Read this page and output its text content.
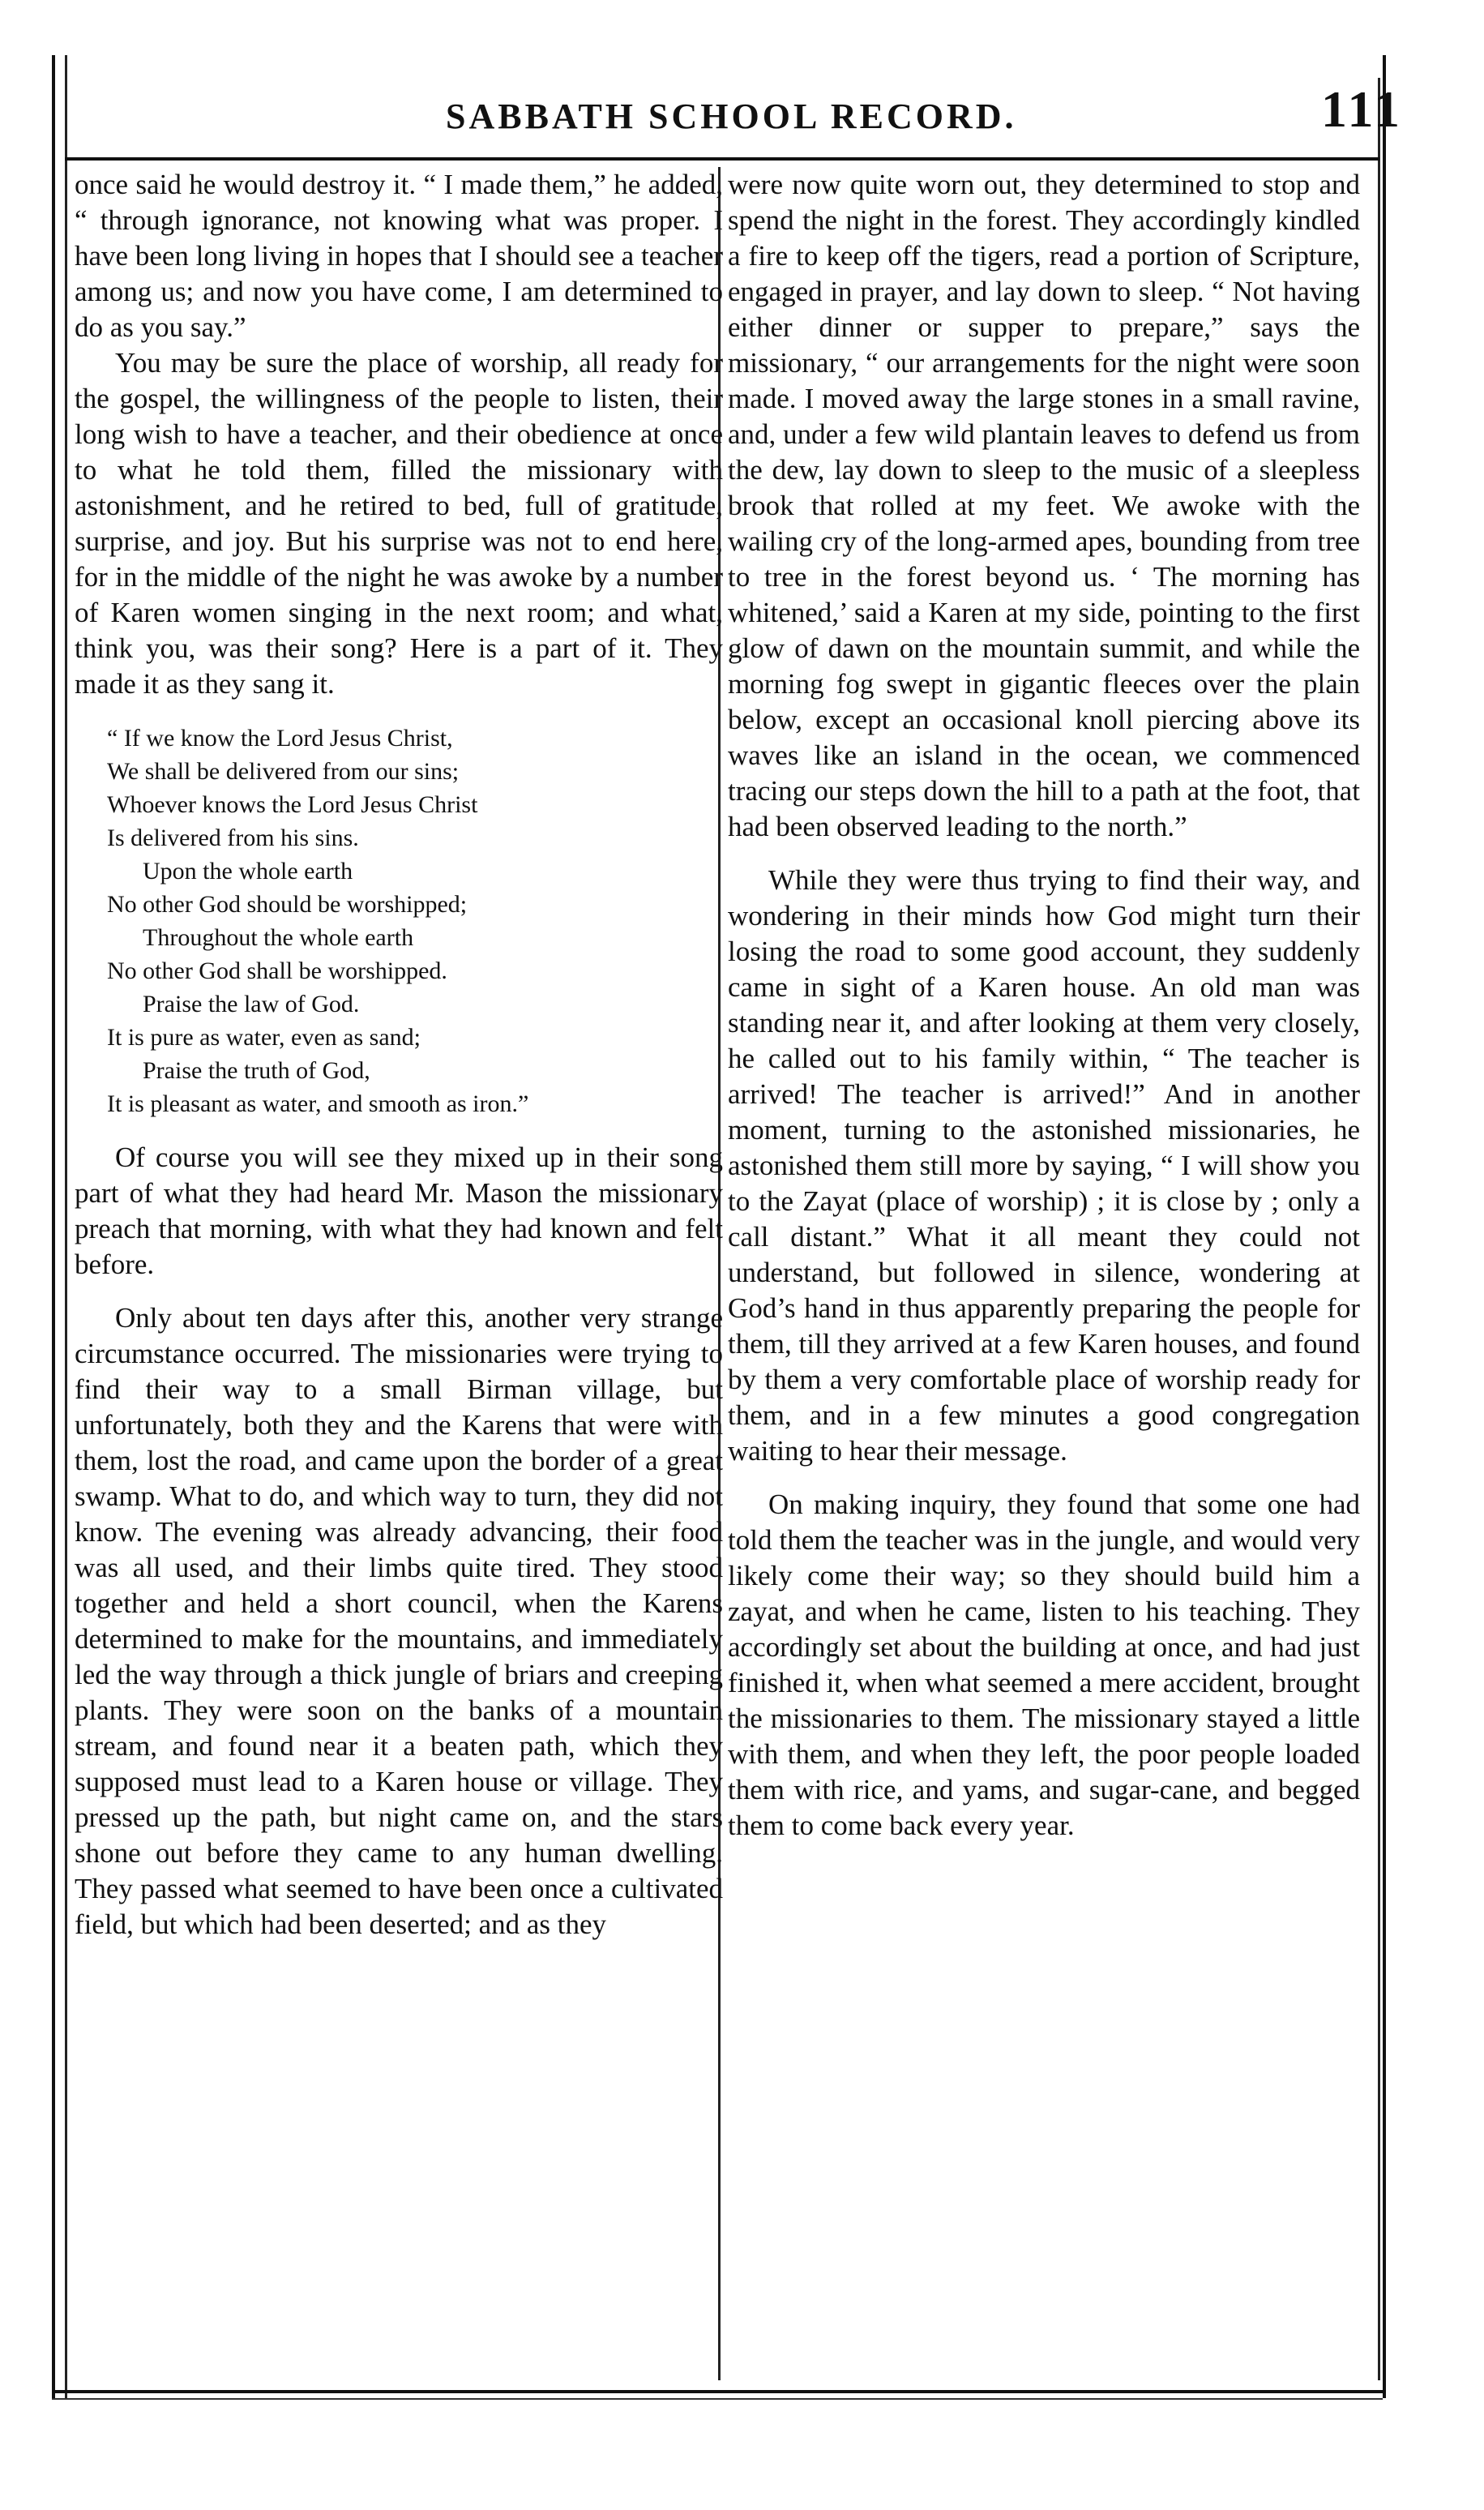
SABBATH SCHOOL RECORD.	111

once said he would destroy it. “ I made them,” he added, “ through ignorance, not knowing what was proper. I have been long living in hopes that I should see a teacher among us; and now you have come, I am determined to do as you say.”

You may be sure the place of worship, all ready for the gospel, the willingness of the people to listen, their long wish to have a teacher, and their obedience at once to what he told them, filled the missionary with astonishment, and he retired to bed, full of gratitude, surprise, and joy. But his surprise was not to end here, for in the middle of the night he was awoke by a number of Karen women singing in the next room; and what, think you, was their song? Here is a part of it. They made it as they sang it.

“ If we know the Lord Jesus Christ,
We shall be delivered from our sins;
Whoever knows the Lord Jesus Christ
Is delivered from his sins.
Upon the whole earth
No other God should be worshipped;
Throughout the whole earth
No other God shall be worshipped.
Praise the law of God.
It is pure as water, even as sand;
Praise the truth of God,
It is pleasant as water, and smooth as iron.”

Of course you will see they mixed up in their song part of what they had heard Mr. Mason the missionary preach that morning, with what they had known and felt before.

Only about ten days after this, another very strange circumstance occurred. The missionaries were trying to find their way to a small Birman village, but unfortunately, both they and the Karens that were with them, lost the road, and came upon the border of a great swamp. What to do, and which way to turn, they did not know. The evening was already advancing, their food was all used, and their limbs quite tired. They stood together and held a short council, when the Karens determined to make for the mountains, and immediately led the way through a thick jungle of briars and creeping plants. They were soon on the banks of a mountain stream, and found near it a beaten path, which they supposed must lead to a Karen house or village. They pressed up the path, but night came on, and the stars shone out before they came to any human dwelling. They passed what seemed to have been once a cultivated field, but which had been deserted; and as they

were now quite worn out, they determined to stop and spend the night in the forest. They accordingly kindled a fire to keep off the tigers, read a portion of Scripture, engaged in prayer, and lay down to sleep. “ Not having either dinner or supper to prepare,” says the missionary, “ our arrangements for the night were soon made. I moved away the large stones in a small ravine, and, under a few wild plantain leaves to defend us from the dew, lay down to sleep to the music of a sleepless brook that rolled at my feet. We awoke with the wailing cry of the long-armed apes, bounding from tree to tree in the forest beyond us. ‘ The morning has whitened,’ said a Karen at my side, pointing to the first glow of dawn on the mountain summit, and while the morning fog swept in gigantic fleeces over the plain below, except an occasional knoll piercing above its waves like an island in the ocean, we commenced tracing our steps down the hill to a path at the foot, that had been observed leading to the north.”

While they were thus trying to find their way, and wondering in their minds how God might turn their losing the road to some good account, they suddenly came in sight of a Karen house. An old man was standing near it, and after looking at them very closely, he called out to his family within, “ The teacher is arrived! The teacher is arrived!” And in another moment, turning to the astonished missionaries, he astonished them still more by saying, “ I will show you to the Zayat (place of worship) ; it is close by ; only a call distant.” What it all meant they could not understand, but followed in silence, wondering at God’s hand in thus apparently preparing the people for them, till they arrived at a few Karen houses, and found by them a very comfortable place of worship ready for them, and in a few minutes a good congregation waiting to hear their message.

On making inquiry, they found that some one had told them the teacher was in the jungle, and would very likely come their way; so they should build him a zayat, and when he came, listen to his teaching. They accordingly set about the building at once, and had just finished it, when what seemed a mere accident, brought the missionaries to them. The missionary stayed a little with them, and when they left, the poor people loaded them with rice, and yams, and sugar-cane, and begged them to come back every year.
